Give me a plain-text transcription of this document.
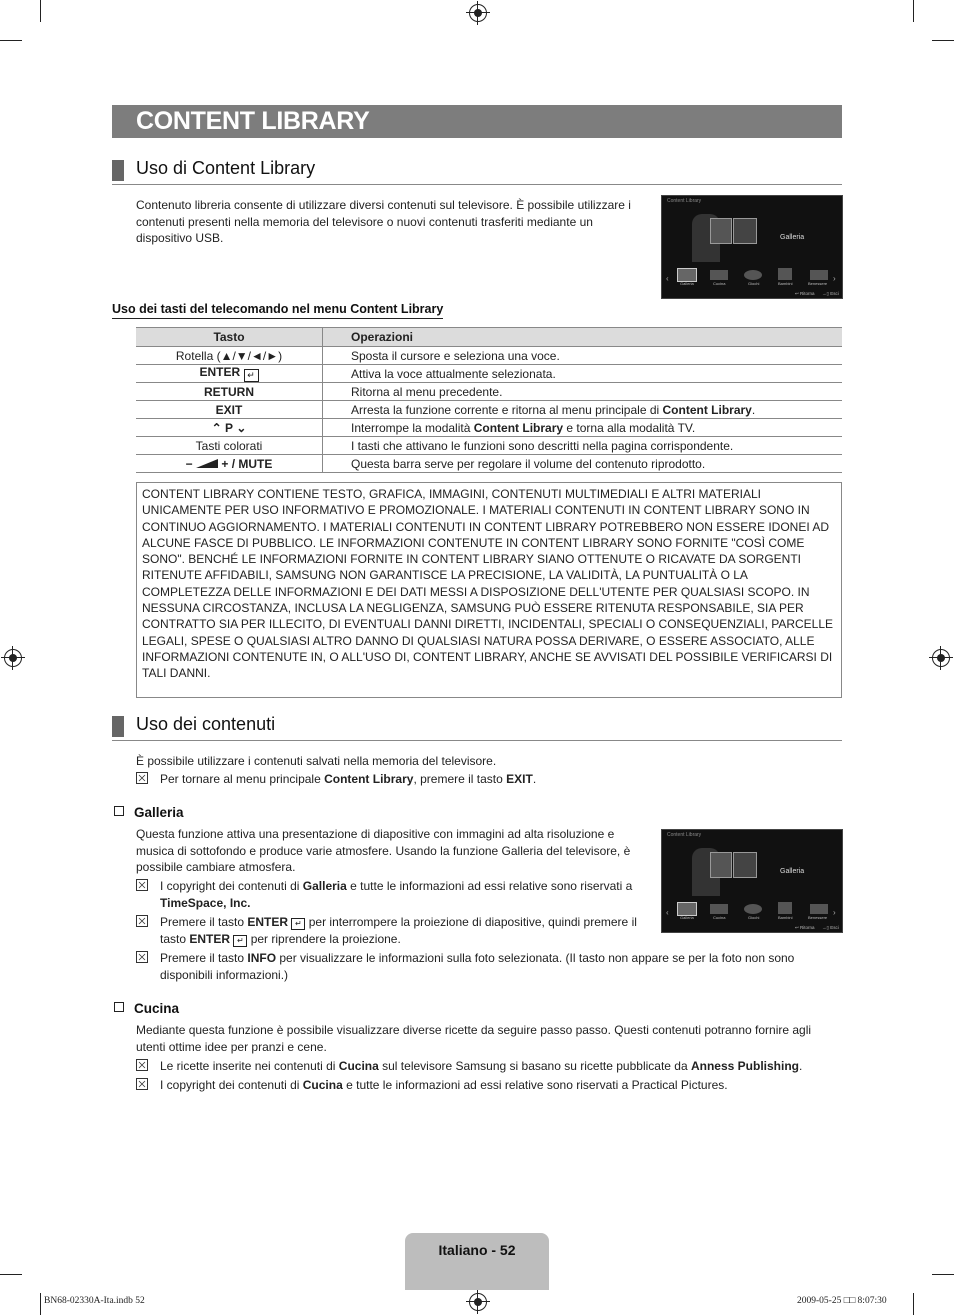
CONTENT LIBRARY
Uso di Content Library
Contenuto libreria consente di utilizzare diversi contenuti sul televisore. È possibile utilizzare i contenuti presenti nella memoria del televisore o nuovi contenuti trasferiti mediante un dispositivo USB.
Content Library
Galleria
‹	›
Galleria	Cucina	Giochi	Bambini	Benessere
↩ Ritorna →▯ Esci
Uso dei tasti del telecomando nel menu Content Library
Tasto	Operazioni
Rotella (▲/▼/◄/►)	Sposta il cursore e seleziona una voce.
ENTER ↵	Attiva la voce attualmente selezionata.
RETURN	Ritorna al menu precedente.
EXIT	Arresta la funzione corrente e ritorna al menu principale di Content Library.
⌃ P ⌄	Interrompe la modalità Content Library e torna alla modalità TV.
Tasti colorati	I tasti che attivano le funzioni sono descritti nella pagina corrispondente.
− + / MUTE	Questa barra serve per regolare il volume del contenuto riprodotto.

CONTENT LIBRARY CONTIENE TESTO, GRAFICA, IMMAGINI, CONTENUTI MULTIMEDIALI E ALTRI MATERIALI UNICAMENTE PER USO INFORMATIVO E PROMOZIONALE. I MATERIALI CONTENUTI IN CONTENT LIBRARY SONO IN CONTINUO AGGIORNAMENTO. I MATERIALI CONTENUTI IN CONTENT LIBRARY POTREBBERO NON ESSERE IDONEI AD ALCUNE FASCE DI PUBBLICO. LE INFORMAZIONI CONTENUTE IN CONTENT LIBRARY SONO FORNITE "COSÌ COME SONO". BENCHÉ LE INFORMAZIONI FORNITE IN CONTENT LIBRARY SIANO OTTENUTE O RICAVATE DA SORGENTI RITENUTE AFFIDABILI, SAMSUNG NON GARANTISCE LA PRECISIONE, LA VALIDITÀ, LA PUNTUALITÀ O LA COMPLETEZZA DELLE INFORMAZIONI E DEI DATI MESSI A DISPOSIZIONE DELL'UTENTE PER QUALSIASI SCOPO. IN NESSUNA CIRCOSTANZA, INCLUSA LA NEGLIGENZA, SAMSUNG PUÒ ESSERE RITENUTA RESPONSABILE, SIA PER CONTRATTO SIA PER ILLECITO, DI EVENTUALI DANNI DIRETTI, INCIDENTALI, SPECIALI O CONSEQUENZIALI, PARCELLE LEGALI, SPESE O QUALSIASI ALTRO DANNO DI QUALSIASI NATURA POSSA DERIVARE, O ESSERE ASSOCIATO, ALLE INFORMAZIONI CONTENUTE IN, O ALL'USO DI, CONTENT LIBRARY, ANCHE SE AVVISATI DEL POSSIBILE VERIFICARSI DI TALI DANNI.

Uso dei contenuti
È possibile utilizzare i contenuti salvati nella memoria del televisore.
Per tornare al menu principale Content Library, premere il tasto EXIT.
Galleria
Questa funzione attiva una presentazione di diapositive con immagini ad alta risoluzione e musica di sottofondo e produce varie atmosfere. Usando la funzione Galleria del televisore, è possibile cambiare atmosfera.
I copyright dei contenuti di Galleria e tutte le informazioni ad essi relative sono riservati a TimeSpace, Inc.
Premere il tasto ENTER ↵ per interrompere la proiezione di diapositive, quindi premere il tasto ENTER ↵ per riprendere la proiezione.
Premere il tasto INFO per visualizzare le informazioni sulla foto selezionata. (Il tasto non appare se per la foto non sono disponibili informazioni.)
Content Library
Galleria
‹	›
Galleria	Cucina	Giochi	Bambini	Benessere
↩ Ritorna →▯ Esci
Cucina
Mediante questa funzione è possibile visualizzare diverse ricette da seguire passo passo. Questi contenuti potranno fornire agli utenti ottime idee per pranzi e cene.
Le ricette inserite nei contenuti di Cucina sul televisore Samsung si basano su ricette pubblicate da Anness Publishing.
I copyright dei contenuti di Cucina e tutte le informazioni ad essi relative sono riservati a Practical Pictures.
Italiano - 52
BN68-02330A-Ita.indb 52	2009-05-25 □□ 8:07:30
